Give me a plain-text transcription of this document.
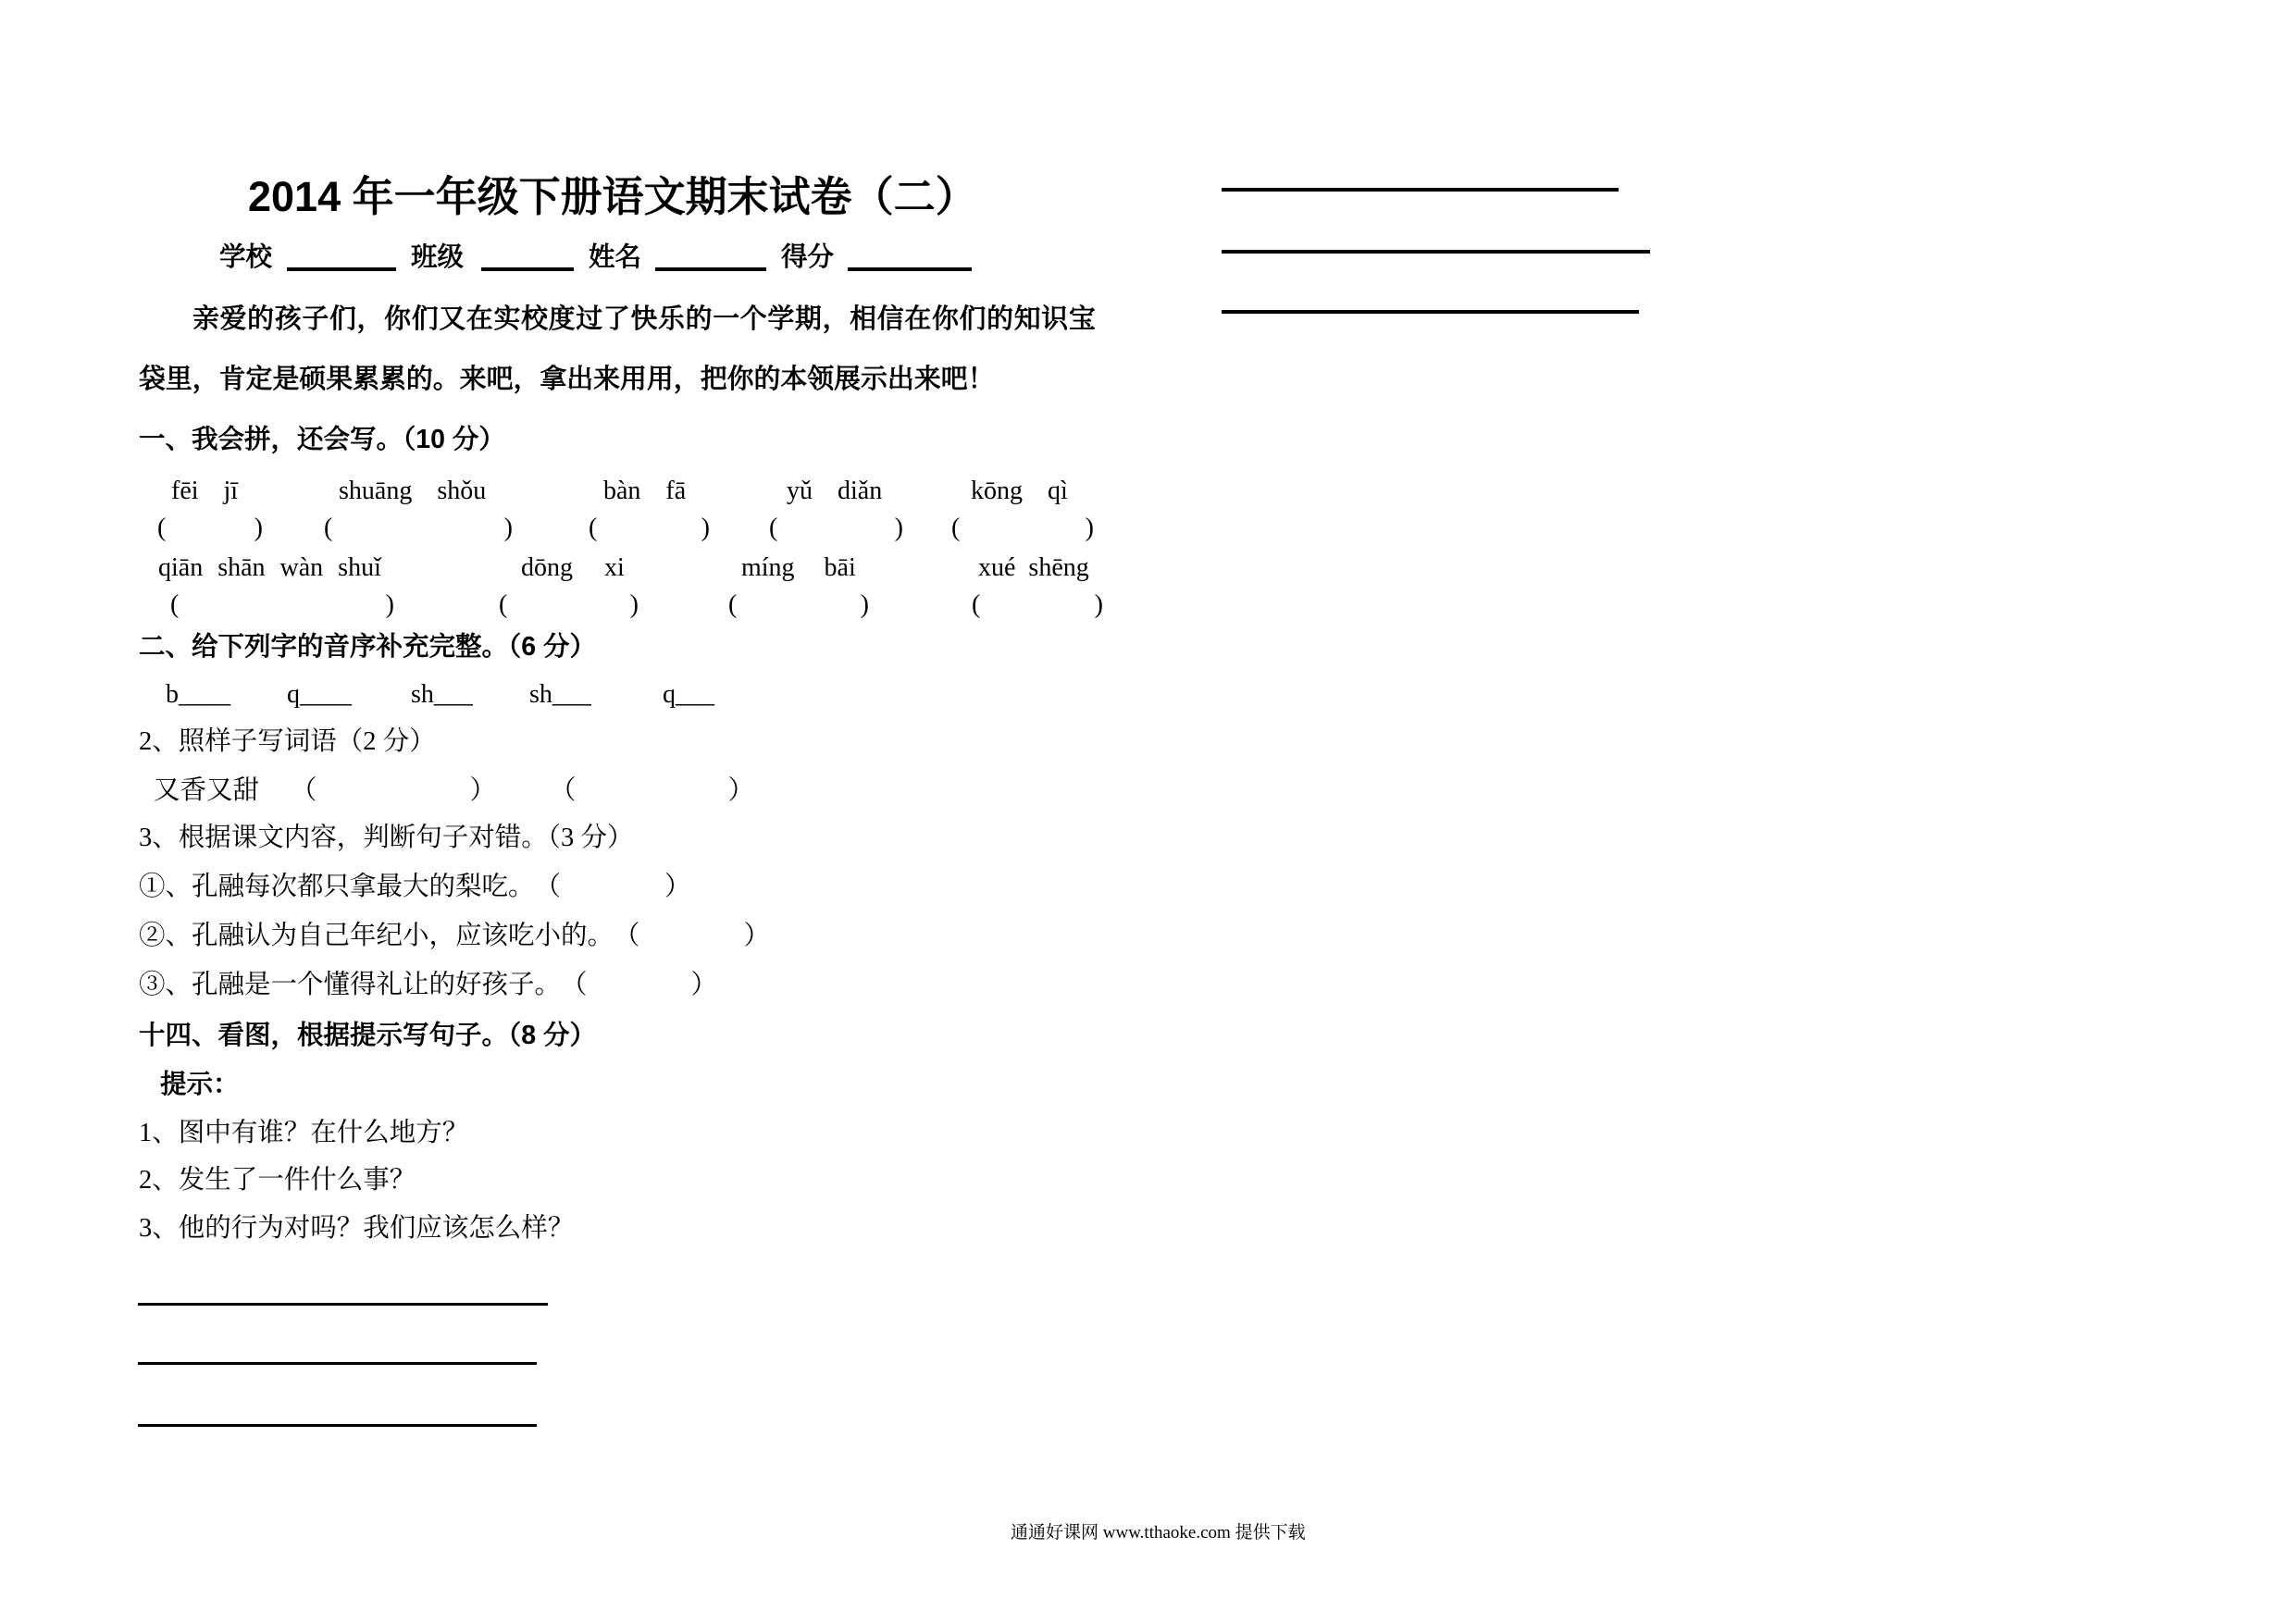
2014 年一年级下册语文期末试卷（二）
学校	班级	姓名	得分
亲爱的孩子们，你们又在实校度过了快乐的一个学期，相信在你们的知识宝
袋里，肯定是硕果累累的。来吧，拿出来用用，把你的本领展示出来吧！
一、我会拼，还会写。（10 分）
fēi jī	shuāng shǒu	bàn fā	yǔ diǎn	kōng qì
(	) (	)	(	) (	) (	)
qiān shān wàn shuǐ	dōng xi	míng bāi	xué shēng
(	)	(	)	(	)	(	)
二、给下列字的音序补充完整。（6 分）
b____ q____ sh___ sh___	q___
2、照样子写词语（2 分）
又香又甜 （	） （	）
3、根据课文内容，判断句子对错。（3 分）
①、孔融每次都只拿最大的梨吃。 （	）
②、孔融认为自己年纪小，应该吃小的。 （	）
③、孔融是一个懂得礼让的好孩子。 （	）
十四、看图，根据提示写句子。（8 分）
提示：
1、图中有谁？在什么地方？
2、发生了一件什么事？
3、他的行为对吗？我们应该怎么样？
通通好课网 www.tthaoke.com 提供下载
